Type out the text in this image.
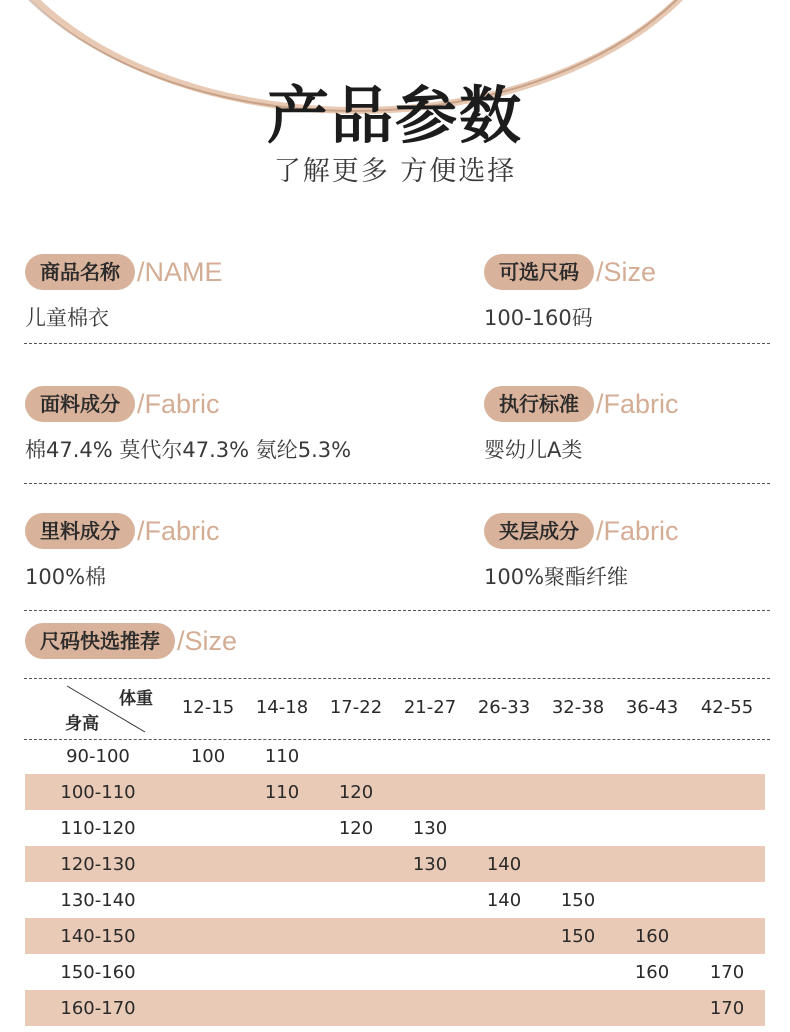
产品参数
了解更多 方便选择
商品名称 /NAME
儿童棉衣
可选尺码 /Size
100-160码
面料成分 /Fabric
棉47.4% 莫代尔47.3% 氨纶5.3%
执行标准 /Fabric
婴幼儿A类
里料成分 /Fabric
100%棉
夹层成分 /Fabric
100%聚酯纤维
尺码快选推荐 /Size
体重
身高	12-15	14-18	17-22	21-27	26-33	32-38	36-43	42-55
90-100	100	110						
100-110		110	120					
110-120			120	130				
120-130				130	140			
130-140					140	150		
140-150						150	160	
150-160							160	170
160-170								170
